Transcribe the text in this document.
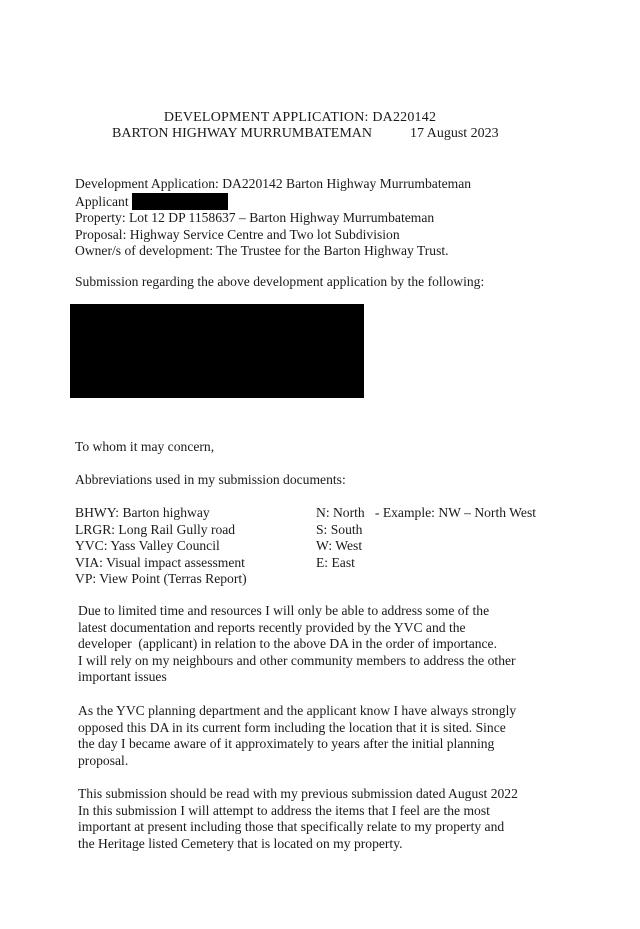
DEVELOPMENT APPLICATION: DA220142
BARTON HIGHWAY MURRUMBATEMAN	17 August 2023
Development Application: DA220142 Barton Highway Murrumbateman
Applicant
Property: Lot 12 DP 1158637 – Barton Highway Murrumbateman
Proposal: Highway Service Centre and Two lot Subdivision
Owner/s of development: The Trustee for the Barton Highway Trust.
Submission regarding the above development application by the following:
To whom it may concern,
Abbreviations used in my submission documents:
BHWY: Barton highway
LRGR: Long Rail Gully road
YVC: Yass Valley Council
VIA: Visual impact assessment
VP: View Point (Terras Report)
N: North   - Example: NW – North West
S: South
W: West
E: East
Due to limited time and resources I will only be able to address some of the
latest documentation and reports recently provided by the YVC and the
developer  (applicant) in relation to the above DA in the order of importance.
I will rely on my neighbours and other community members to address the other
important issues
As the YVC planning department and the applicant know I have always strongly
opposed this DA in its current form including the location that it is sited. Since
the day I became aware of it approximately to years after the initial planning
proposal.
This submission should be read with my previous submission dated August 2022
In this submission I will attempt to address the items that I feel are the most
important at present including those that specifically relate to my property and
the Heritage listed Cemetery that is located on my property.
